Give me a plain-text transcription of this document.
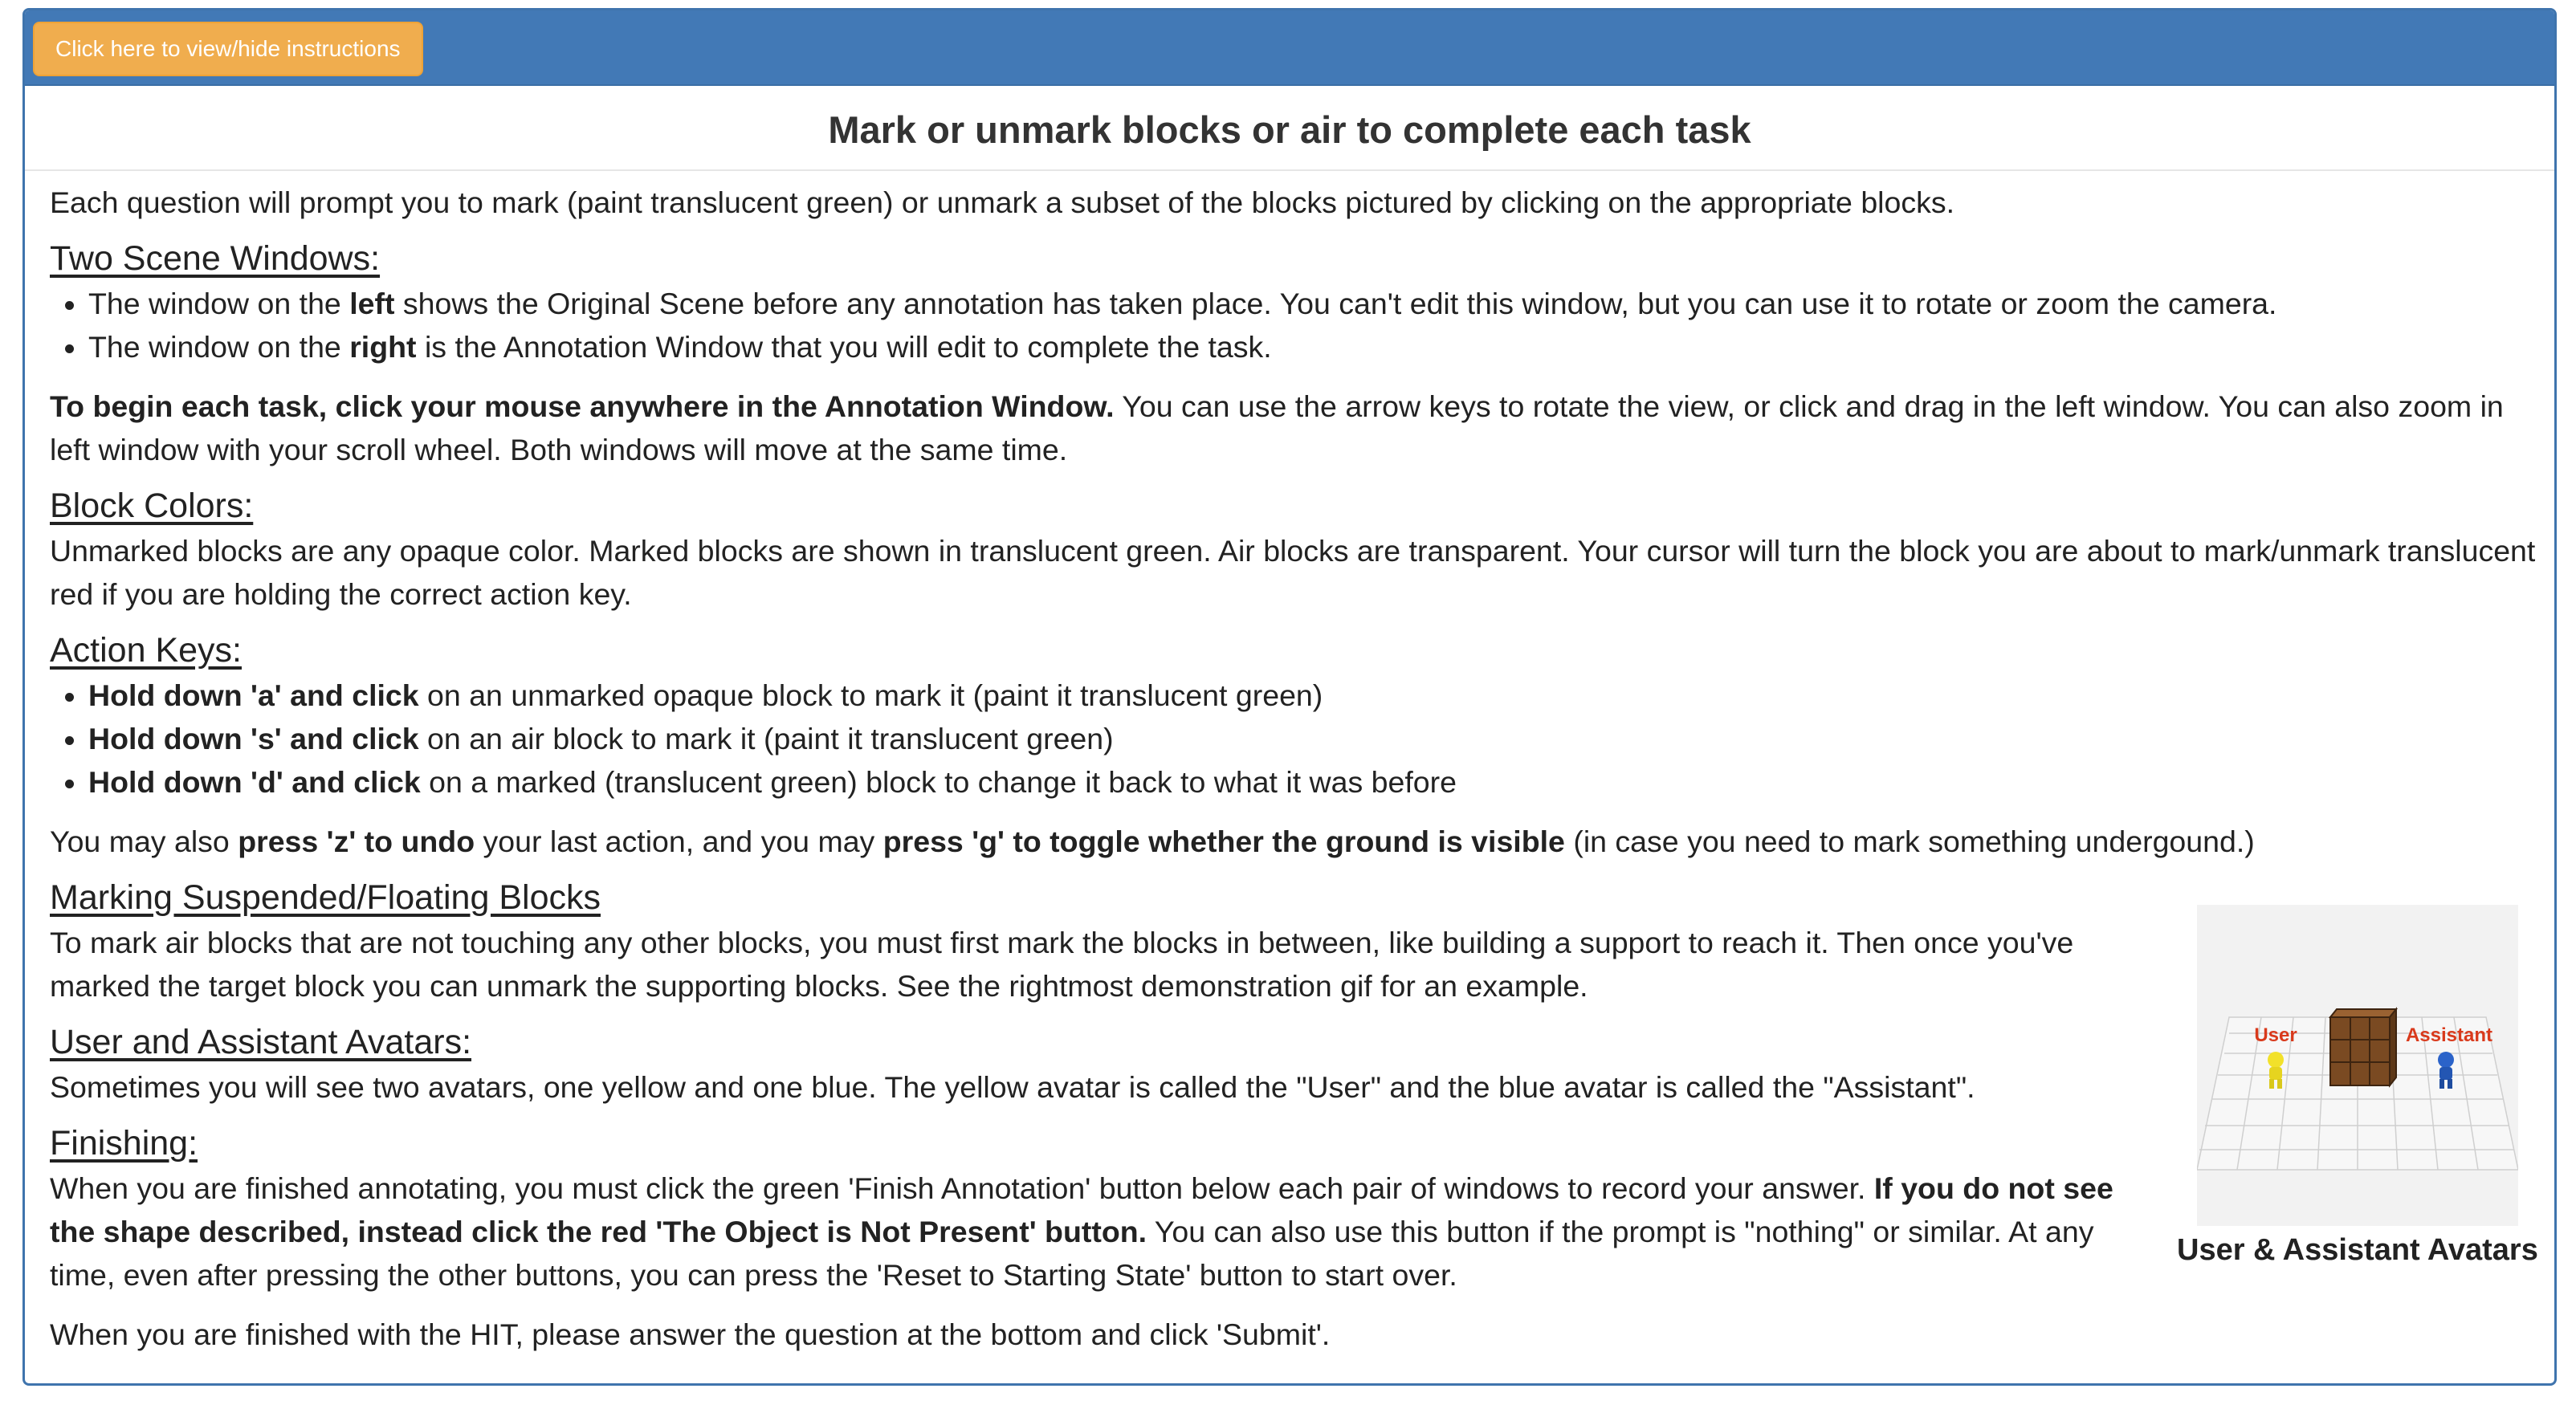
Click here to view/hide instructions
Mark or unmark blocks or air to complete each task

Each question will prompt you to mark (paint translucent green) or unmark a subset of the blocks pictured by clicking on the appropriate blocks.

Two Scene Windows:
• The window on the left shows the Original Scene before any annotation has taken place. You can't edit this window, but you can use it to rotate or zoom the camera.
• The window on the right is the Annotation Window that you will edit to complete the task.

To begin each task, click your mouse anywhere in the Annotation Window. You can use the arrow keys to rotate the view, or click and drag in the left window. You can also zoom in left window with your scroll wheel. Both windows will move at the same time.

Block Colors:

Unmarked blocks are any opaque color. Marked blocks are shown in translucent green. Air blocks are transparent. Your cursor will turn the block you are about to mark/unmark translucent red if you are holding the correct action key.

Action Keys:
• Hold down 'a' and click on an unmarked opaque block to mark it (paint it translucent green)
• Hold down 's' and click on an air block to mark it (paint it translucent green)
• Hold down 'd' and click on a marked (translucent green) block to change it back to what it was before

You may also press 'z' to undo your last action, and you may press 'g' to toggle whether the ground is visible (in case you need to mark something undergound.)

Marking Suspended/Floating Blocks

To mark air blocks that are not touching any other blocks, you must first mark the blocks in between, like building a support to reach it. Then once you've marked the target block you can unmark the supporting blocks. See the rightmost demonstration gif for an example.

User and Assistant Avatars:

Sometimes you will see two avatars, one yellow and one blue. The yellow avatar is called the "User" and the blue avatar is called the "Assistant".

Finishing:

When you are finished annotating, you must click the green 'Finish Annotation' button below each pair of windows to record your answer. If you do not see the shape described, instead click the red 'The Object is Not Present' button. You can also use this button if the prompt is "nothing" or similar. At any time, even after pressing the other buttons, you can press the 'Reset to Starting State' button to start over.

When you are finished with the HIT, please answer the question at the bottom and click 'Submit'.

User	Assistant
User & Assistant Avatars
